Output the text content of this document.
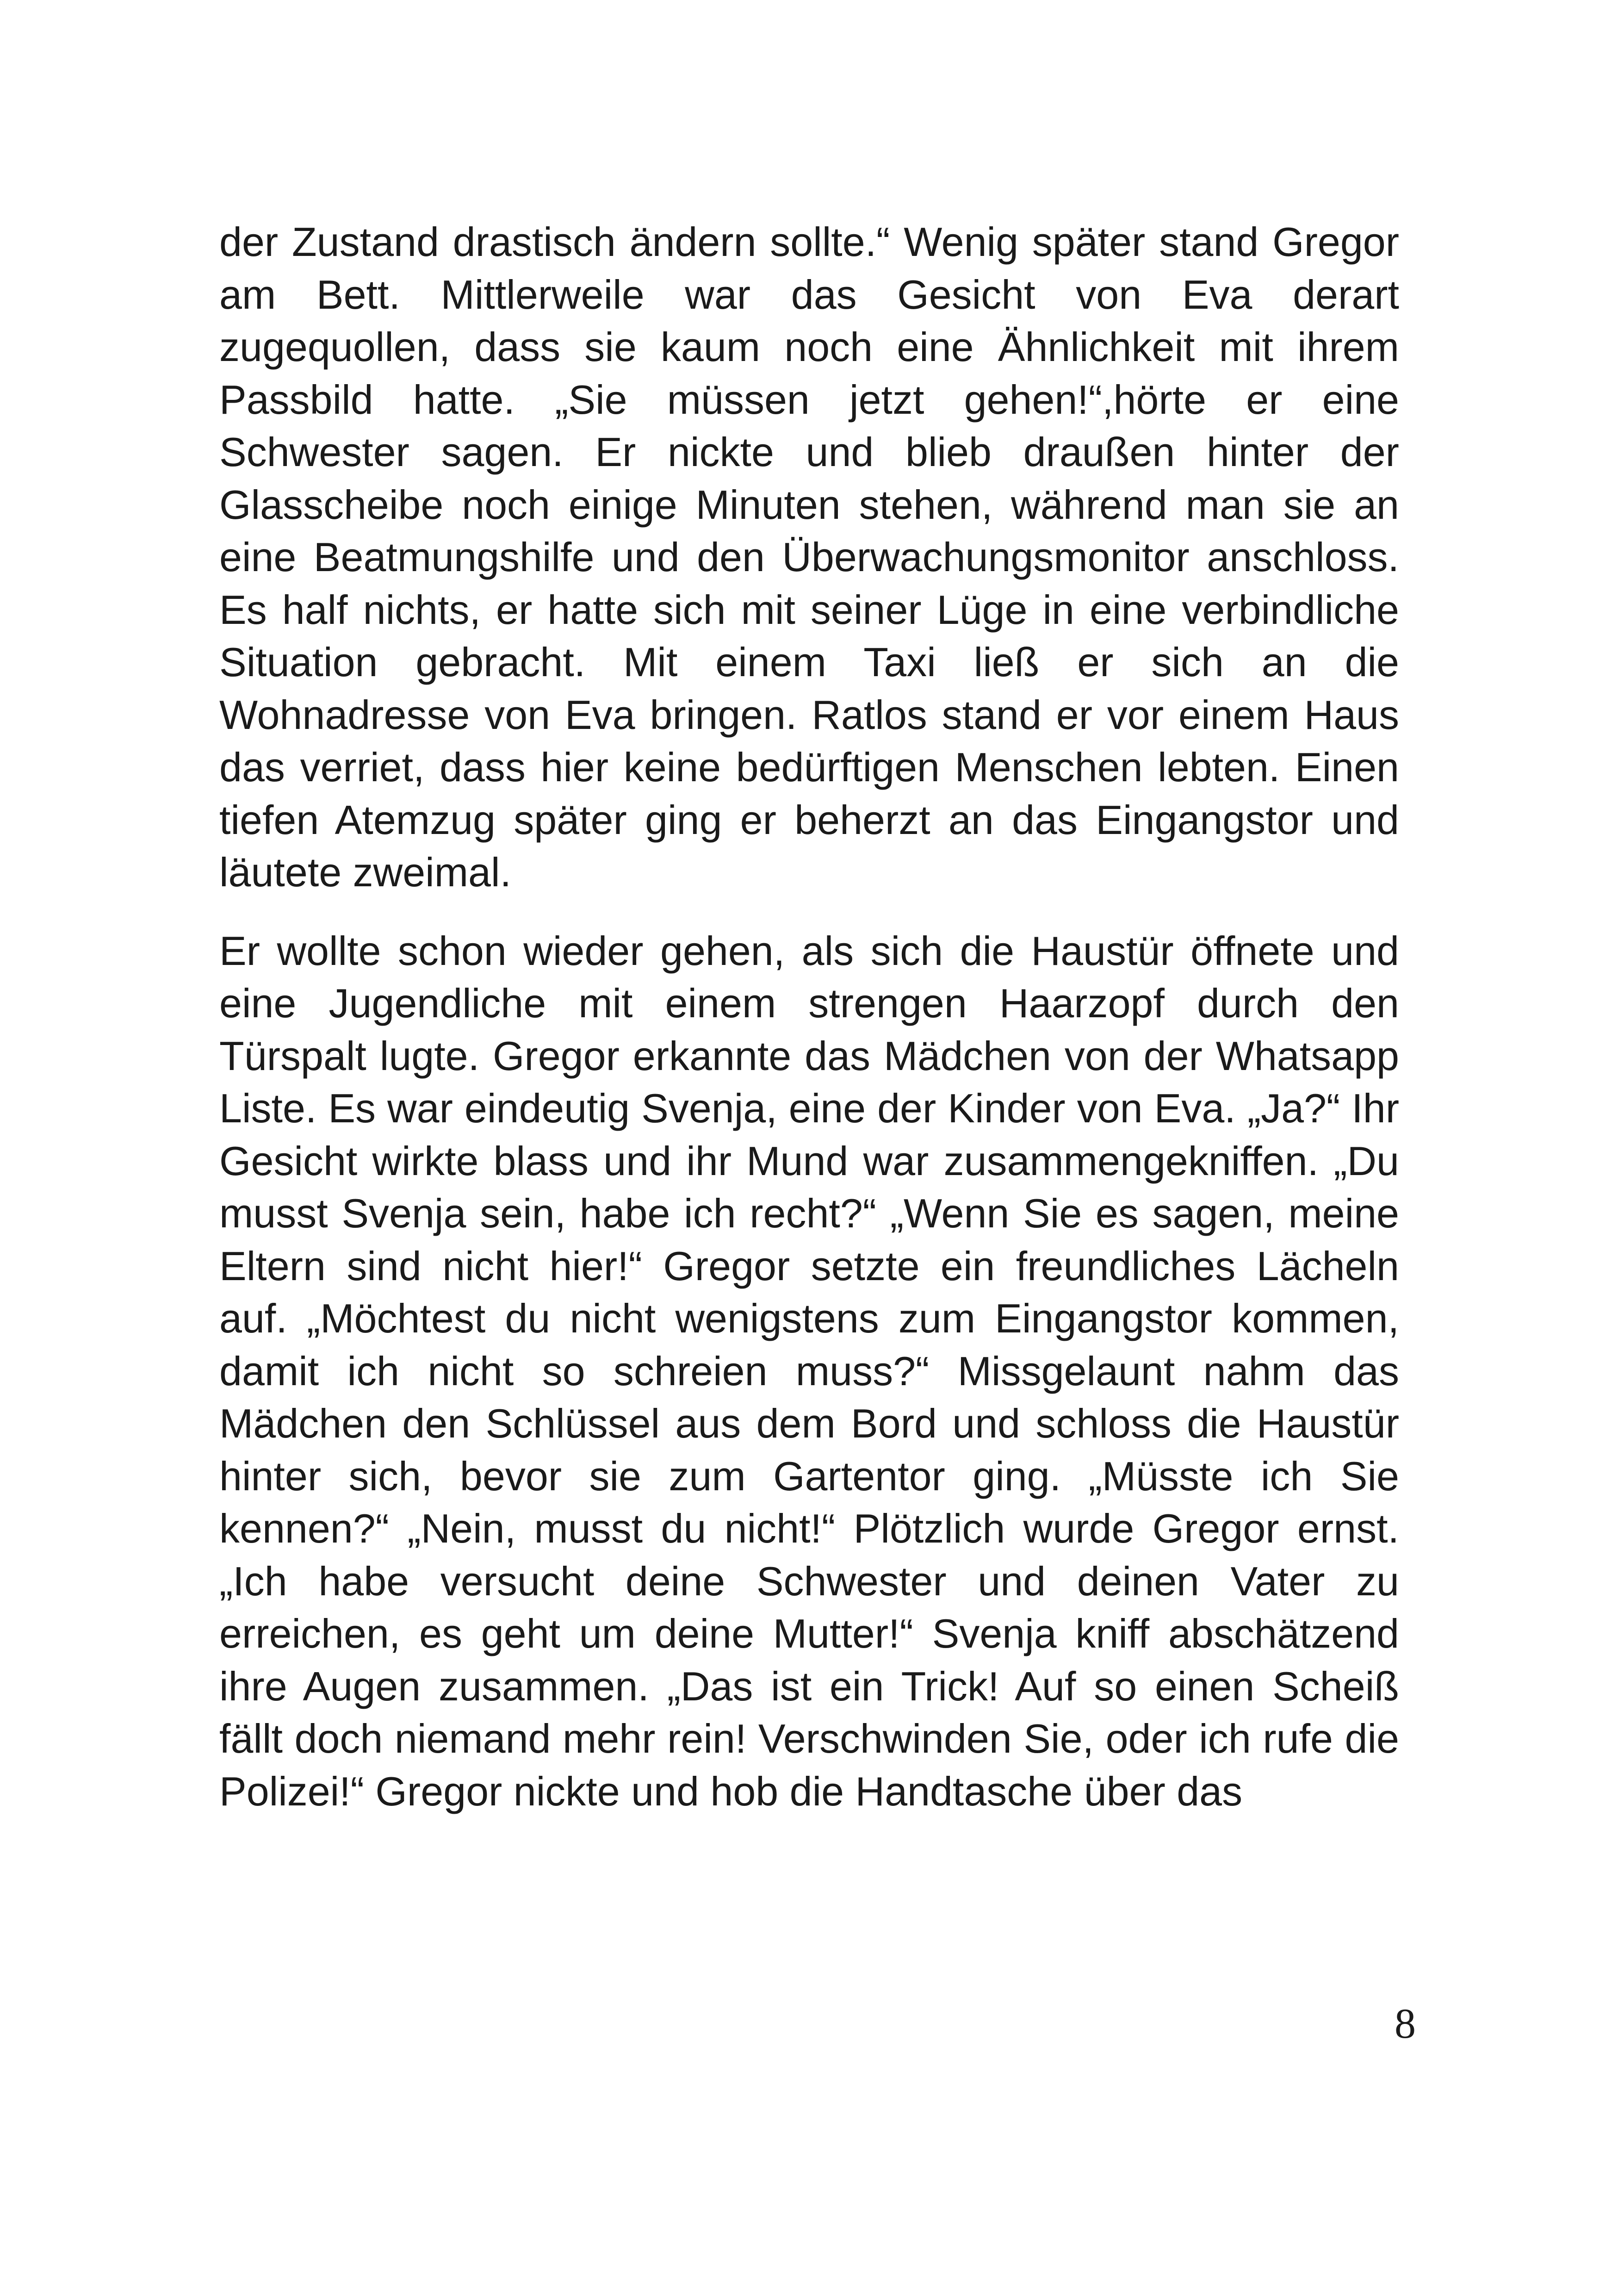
der Zustand drastisch ändern sollte.“ Wenig später stand Gregor am Bett. Mittlerweile war das Gesicht von Eva derart zugequollen, dass sie kaum noch eine Ähnlichkeit mit ihrem Passbild hatte. „Sie müssen jetzt gehen!“,hörte er eine Schwester sagen. Er nickte und blieb draußen hinter der Glasscheibe noch einige Minuten stehen, während man sie an eine Beatmungshilfe und den Überwachungsmonitor anschloss. Es half nichts, er hatte sich mit seiner Lüge in eine verbindliche Situation gebracht. Mit einem Taxi ließ er sich an die Wohnadresse von Eva bringen. Ratlos stand er vor einem Haus das verriet, dass hier keine bedürftigen Menschen lebten. Einen tiefen Atemzug später ging er beherzt an das Eingangstor und läutete zweimal.

Er wollte schon wieder gehen, als sich die Haustür öffnete und eine Jugendliche mit einem strengen Haarzopf durch den Türspalt lugte. Gregor erkannte das Mädchen von der Whatsapp Liste. Es war eindeutig Svenja, eine der Kinder von Eva. „Ja?“ Ihr Gesicht wirkte blass und ihr Mund war zusammengekniffen. „Du musst Svenja sein, habe ich recht?“ „Wenn Sie es sagen, meine Eltern sind nicht hier!“ Gregor setzte ein freundliches Lächeln auf. „Möchtest du nicht wenigstens zum Eingangstor kommen, damit ich nicht so schreien muss?“ Missgelaunt nahm das Mädchen den Schlüssel aus dem Bord und schloss die Haustür hinter sich, bevor sie zum Gartentor ging. „Müsste ich Sie kennen?“ „Nein, musst du nicht!“ Plötzlich wurde Gregor ernst. „Ich habe versucht deine Schwester und deinen Vater zu erreichen, es geht um deine Mutter!“ Svenja kniff abschätzend ihre Augen zusammen. „Das ist ein Trick! Auf so einen Scheiß fällt doch niemand mehr rein! Verschwinden Sie, oder ich rufe die Polizei!“ Gregor nickte und hob die Handtasche über das

8
